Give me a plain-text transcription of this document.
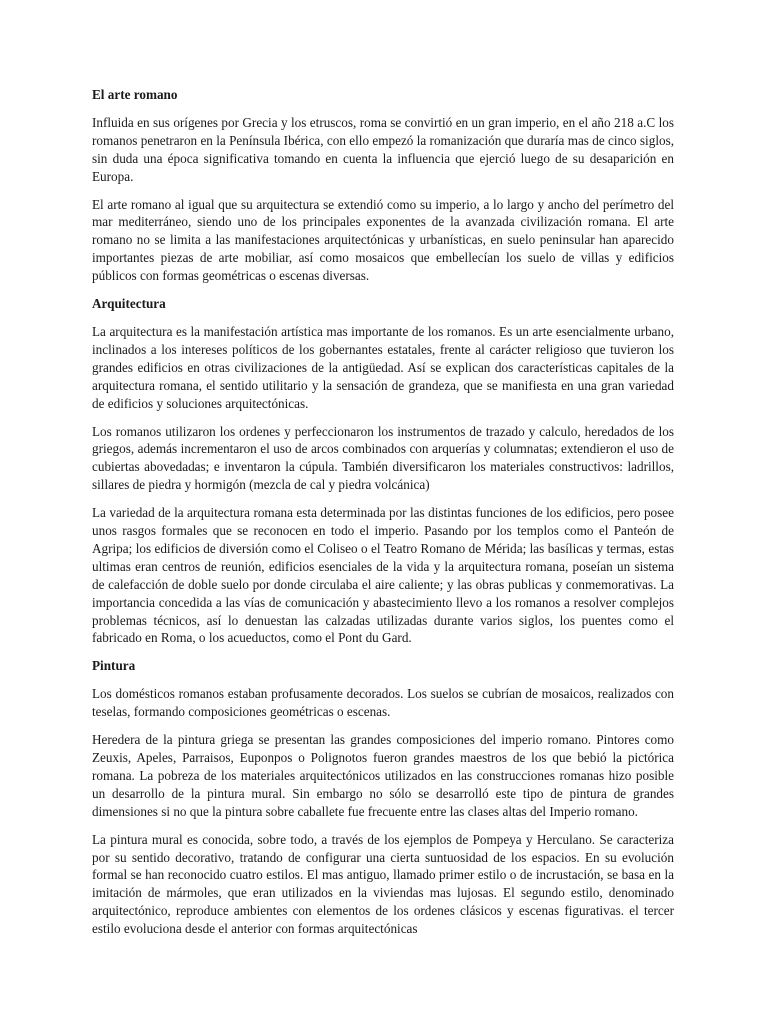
El arte romano

Influida en sus orígenes por Grecia y los etruscos, roma se convirtió en un gran imperio, en el año 218 a.C los romanos penetraron en la Península Ibérica, con ello empezó la romanización que duraría mas de cinco siglos, sin duda una época significativa tomando en cuenta la influencia que ejerció luego de su desaparición en Europa.

El arte romano al igual que su arquitectura se extendió como su imperio, a lo largo y ancho del perímetro del mar mediterráneo, siendo uno de los principales exponentes de la avanzada civilización romana. El arte romano no se limita a las manifestaciones arquitectónicas y urbanísticas, en suelo peninsular han aparecido importantes piezas de arte mobiliar, así como mosaicos que embellecían los suelo de villas y edificios públicos con formas geométricas o escenas diversas.

Arquitectura

La arquitectura es la manifestación artística mas importante de los romanos. Es un arte esencialmente urbano, inclinados a los intereses políticos de los gobernantes estatales, frente al carácter religioso que tuvieron los grandes edificios en otras civilizaciones de la antigüedad. Así se explican dos características capitales de la arquitectura romana, el sentido utilitario y la sensación de grandeza, que se manifiesta en una gran variedad de edificios y soluciones arquitectónicas.

Los romanos utilizaron los ordenes y perfeccionaron los instrumentos de trazado y calculo, heredados de los griegos, además incrementaron el uso de arcos combinados con arquerías y columnatas; extendieron el uso de cubiertas abovedadas; e inventaron la cúpula. También diversificaron los materiales constructivos: ladrillos, sillares de piedra y hormigón (mezcla de cal y piedra volcánica)

La variedad de la arquitectura romana esta determinada por las distintas funciones de los edificios, pero posee unos rasgos formales que se reconocen en todo el imperio. Pasando por los templos como el Panteón de Agripa; los edificios de diversión como el Coliseo o el Teatro Romano de Mérida; las basílicas y termas, estas ultimas eran centros de reunión, edificios esenciales de la vida y la arquitectura romana, poseían un sistema de calefacción de doble suelo por donde circulaba el aire caliente; y las obras publicas y conmemorativas. La importancia concedida a las vías de comunicación y abastecimiento llevo a los romanos a resolver complejos problemas técnicos, así lo denuestan las calzadas utilizadas durante varios siglos, los puentes como el fabricado en Roma, o los acueductos, como el Pont du Gard.

Pintura

Los domésticos romanos estaban profusamente decorados. Los suelos se cubrían de mosaicos, realizados con teselas, formando composiciones geométricas o escenas.

Heredera de la pintura griega se presentan las grandes composiciones del imperio romano. Pintores como Zeuxis, Apeles, Parraisos, Euponpos o Polignotos fueron grandes maestros de los que bebió la pictórica romana. La pobreza de los materiales arquitectónicos utilizados en las construcciones romanas hizo posible un desarrollo de la pintura mural. Sin embargo no sólo se desarrolló este tipo de pintura de grandes dimensiones si no que la pintura sobre caballete fue frecuente entre las clases altas del Imperio romano.

La pintura mural es conocida, sobre todo, a través de los ejemplos de Pompeya y Herculano. Se caracteriza por su sentido decorativo, tratando de configurar una cierta suntuosidad de los espacios. En su evolución formal se han reconocido cuatro estilos. El mas antiguo, llamado primer estilo o de incrustación, se basa en la imitación de mármoles, que eran utilizados en la viviendas mas lujosas. El segundo estilo, denominado arquitectónico, reproduce ambientes con elementos de los ordenes clásicos y escenas figurativas. el tercer estilo evoluciona desde el anterior con formas arquitectónicas
